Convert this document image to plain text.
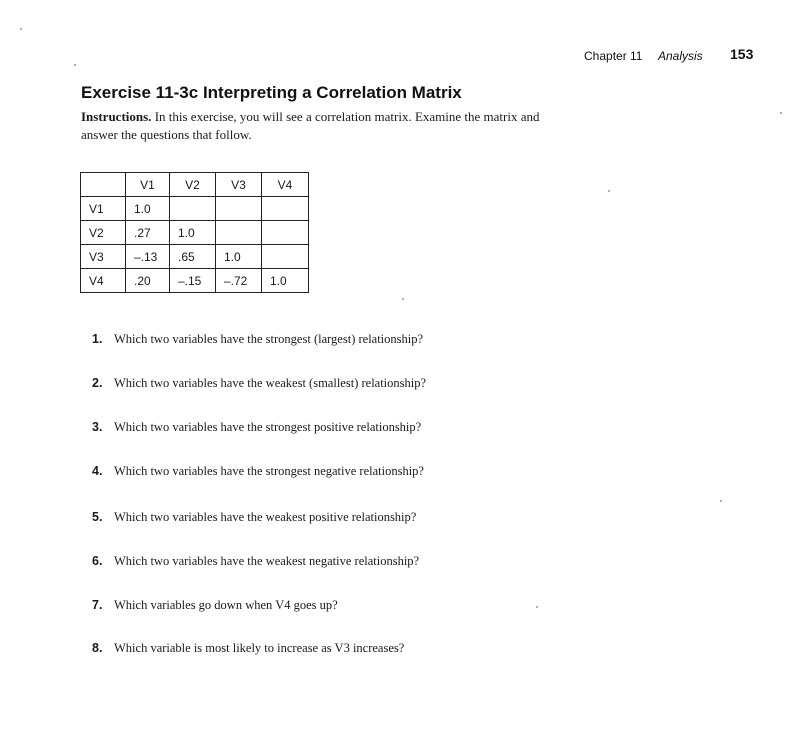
Chapter 11 Analysis 153
Exercise 11-3c Interpreting a Correlation Matrix
Instructions. In this exercise, you will see a correlation matrix. Examine the matrix and answer the questions that follow.
	V1	V2	V3	V4
V1	1.0			
V2	.27	1.0		
V3	–.13	.65	1.0	
V4	.20	–.15	–.72	1.0
1. Which two variables have the strongest (largest) relationship?
2. Which two variables have the weakest (smallest) relationship?
3. Which two variables have the strongest positive relationship?
4. Which two variables have the strongest negative relationship?
5. Which two variables have the weakest positive relationship?
6. Which two variables have the weakest negative relationship?
7. Which variables go down when V4 goes up?
8. Which variable is most likely to increase as V3 increases?
